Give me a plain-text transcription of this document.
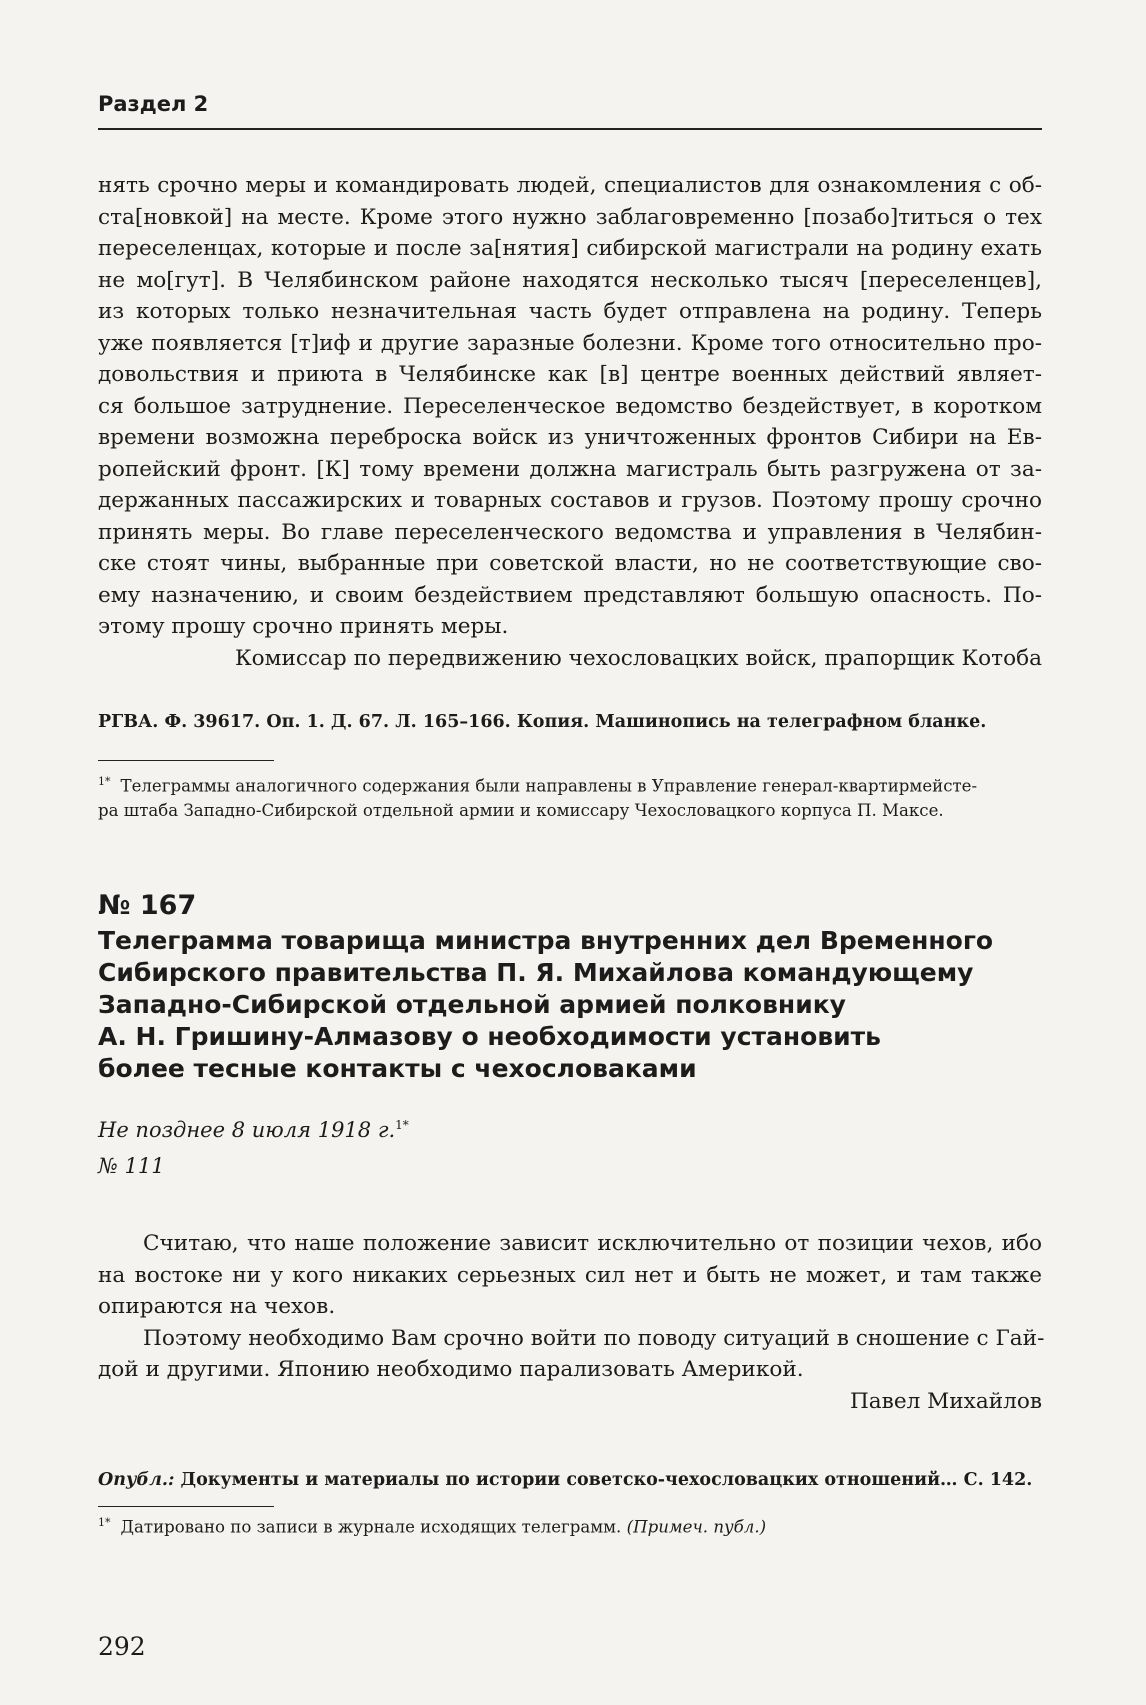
Раздел 2
нять срочно меры и командировать людей, специалистов для ознакомления с об-
ста[новкой] на месте. Кроме этого нужно заблаговременно [позабо]титься о тех
переселенцах, которые и после за[нятия] сибирской магистрали на родину ехать
не мо[гут]. В Челябинском районе находятся несколько тысяч [переселенцев],
из которых только незначительная часть будет отправлена на родину. Теперь
уже появляется [т]иф и другие заразные болезни. Кроме того относительно про-
довольствия и приюта в Челябинске как [в] центре военных действий являет-
ся большое затруднение. Переселенческое ведомство бездействует, в коротком
времени возможна переброска войск из уничтоженных фронтов Сибири на Ев-
ропейский фронт. [К] тому времени должна магистраль быть разгружена от за-
держанных пассажирских и товарных составов и грузов. Поэтому прошу срочно
принять меры. Во главе переселенческого ведомства и управления в Челябин-
ске стоят чины, выбранные при советской власти, но не соответствующие сво-
ему назначению, и своим бездействием представляют большую опасность. По-
этому прошу срочно принять меры.
Комиссар по передвижению чехословацких войск, прапорщик Котоба
РГВА. Ф. 39617. Оп. 1. Д. 67. Л. 165–166. Копия. Машинопись на телеграфном бланке.
$^{1*}$ Телеграммы аналогичного содержания были направлены в Управление генерал-квартирмейсте-
ра штаба Западно-Сибирской отдельной армии и комиссару Чехословацкого корпуса П. Максе.
№ 167
Телеграмма товарища министра внутренних дел Временного
Сибирского правительства П. Я. Михайлова командующему
Западно-Сибирской отдельной армией полковнику
А. Н. Гришину-Алмазову о необходимости установить
более тесные контакты с чехословаками
Не позднее 8 июля 1918 г.$^{1*}$
№ 111
Считаю, что наше положение зависит исключительно от позиции чехов, ибо
на востоке ни у кого никаких серьезных сил нет и быть не может, и там также
опираются на чехов.
Поэтому необходимо Вам срочно войти по поводу ситуаций в сношение с Гай-
дой и другими. Японию необходимо парализовать Америкой.
Павел Михайлов
Опубл.: Документы и материалы по истории советско-чехословацких отношений… С. 142.
$^{1*}$ Датировано по записи в журнале исходящих телеграмм. (Примеч. публ.)
292
